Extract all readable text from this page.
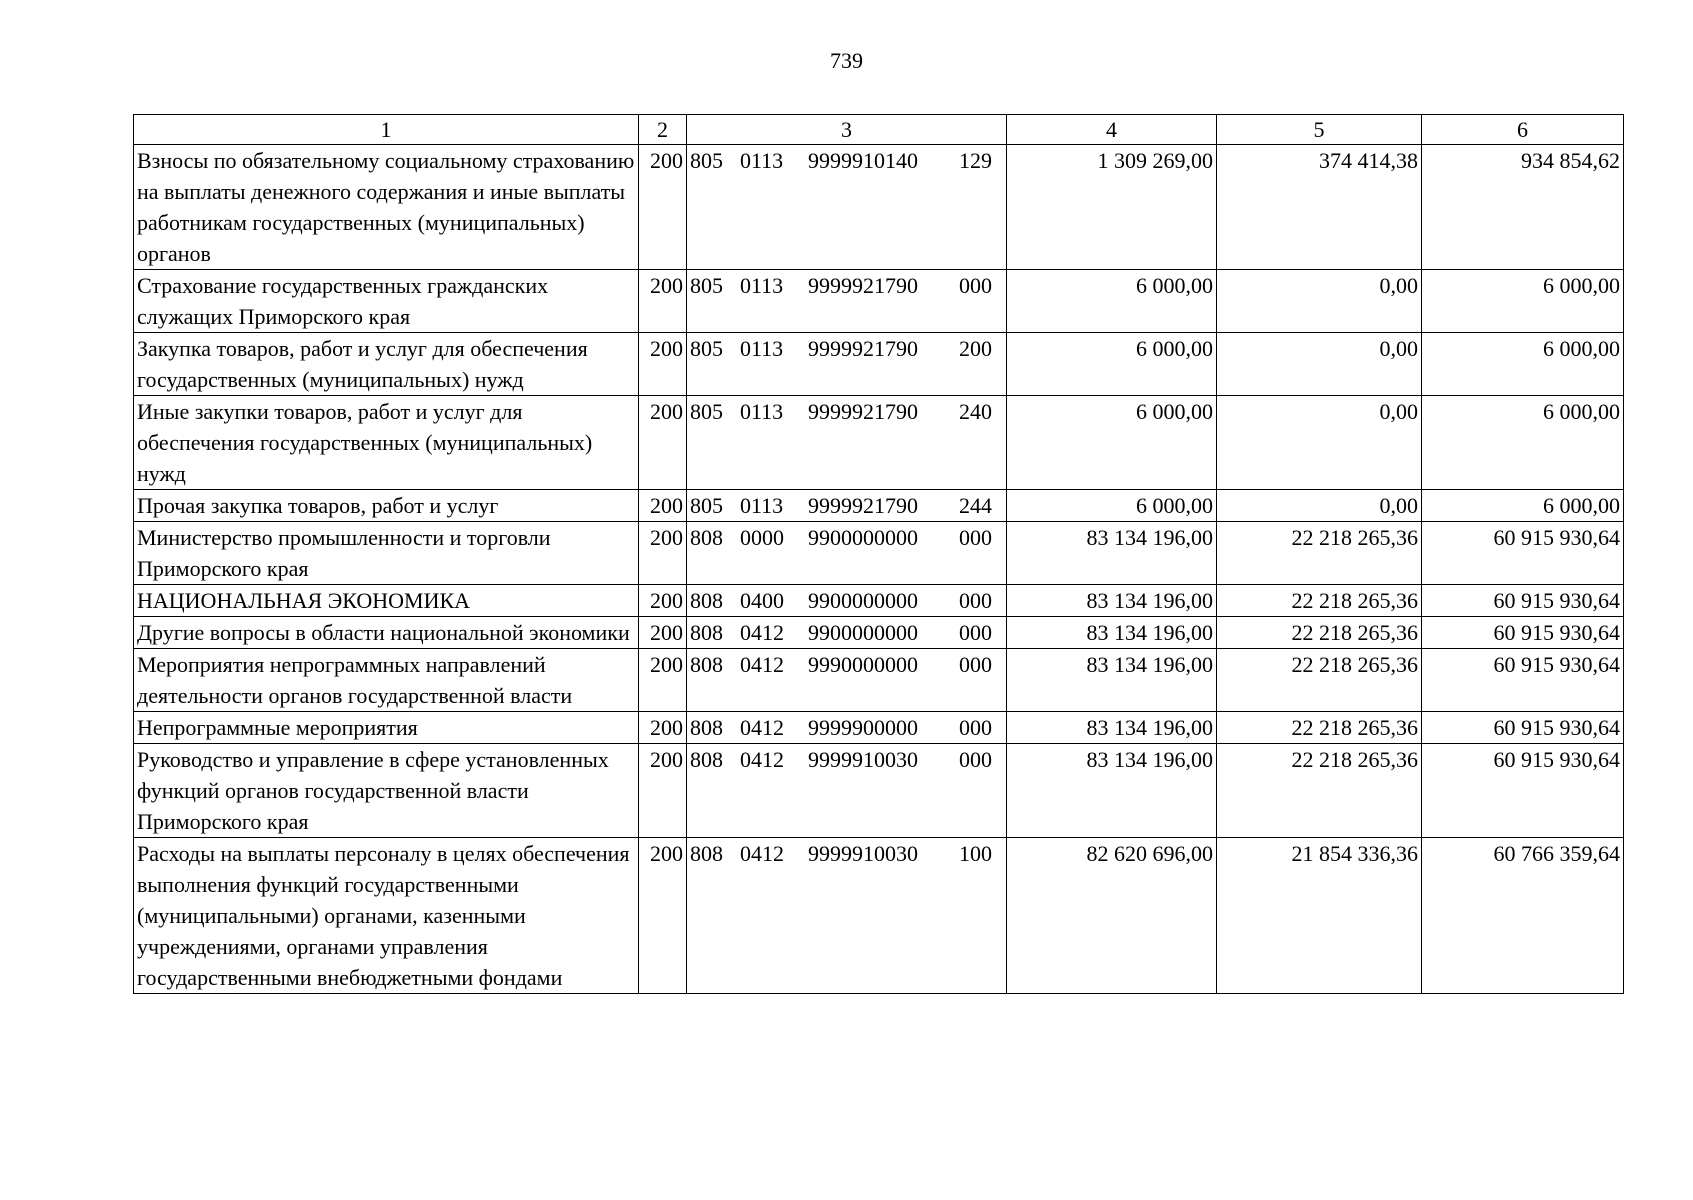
739
1	2	3	4	5	6
Взносы по обязательному социальному страхованию на выплаты денежного содержания и иные выплаты работникам государственных (муниципальных) органов	200	805 0113 9999910140 129	1 309 269,00	374 414,38	934 854,62
Страхование государственных гражданских служащих Приморского края	200	805 0113 9999921790 000	6 000,00	0,00	6 000,00
Закупка товаров, работ и услуг для обеспечения государственных (муниципальных) нужд	200	805 0113 9999921790 200	6 000,00	0,00	6 000,00
Иные закупки товаров, работ и услуг для обеспечения государственных (муниципальных) нужд	200	805 0113 9999921790 240	6 000,00	0,00	6 000,00
Прочая закупка товаров, работ и услуг	200	805 0113 9999921790 244	6 000,00	0,00	6 000,00
Министерство промышленности и торговли Приморского края	200	808 0000 9900000000 000	83 134 196,00	22 218 265,36	60 915 930,64
НАЦИОНАЛЬНАЯ ЭКОНОМИКА	200	808 0400 9900000000 000	83 134 196,00	22 218 265,36	60 915 930,64
Другие вопросы в области национальной экономики	200	808 0412 9900000000 000	83 134 196,00	22 218 265,36	60 915 930,64
Мероприятия непрограммных направлений деятельности органов государственной власти	200	808 0412 9990000000 000	83 134 196,00	22 218 265,36	60 915 930,64
Непрограммные мероприятия	200	808 0412 9999900000 000	83 134 196,00	22 218 265,36	60 915 930,64
Руководство и управление в сфере установленных функций органов государственной власти Приморского края	200	808 0412 9999910030 000	83 134 196,00	22 218 265,36	60 915 930,64
Расходы на выплаты персоналу в целях обеспечения выполнения функций государственными (муниципальными) органами, казенными учреждениями, органами управления государственными внебюджетными фондами	200	808 0412 9999910030 100	82 620 696,00	21 854 336,36	60 766 359,64
